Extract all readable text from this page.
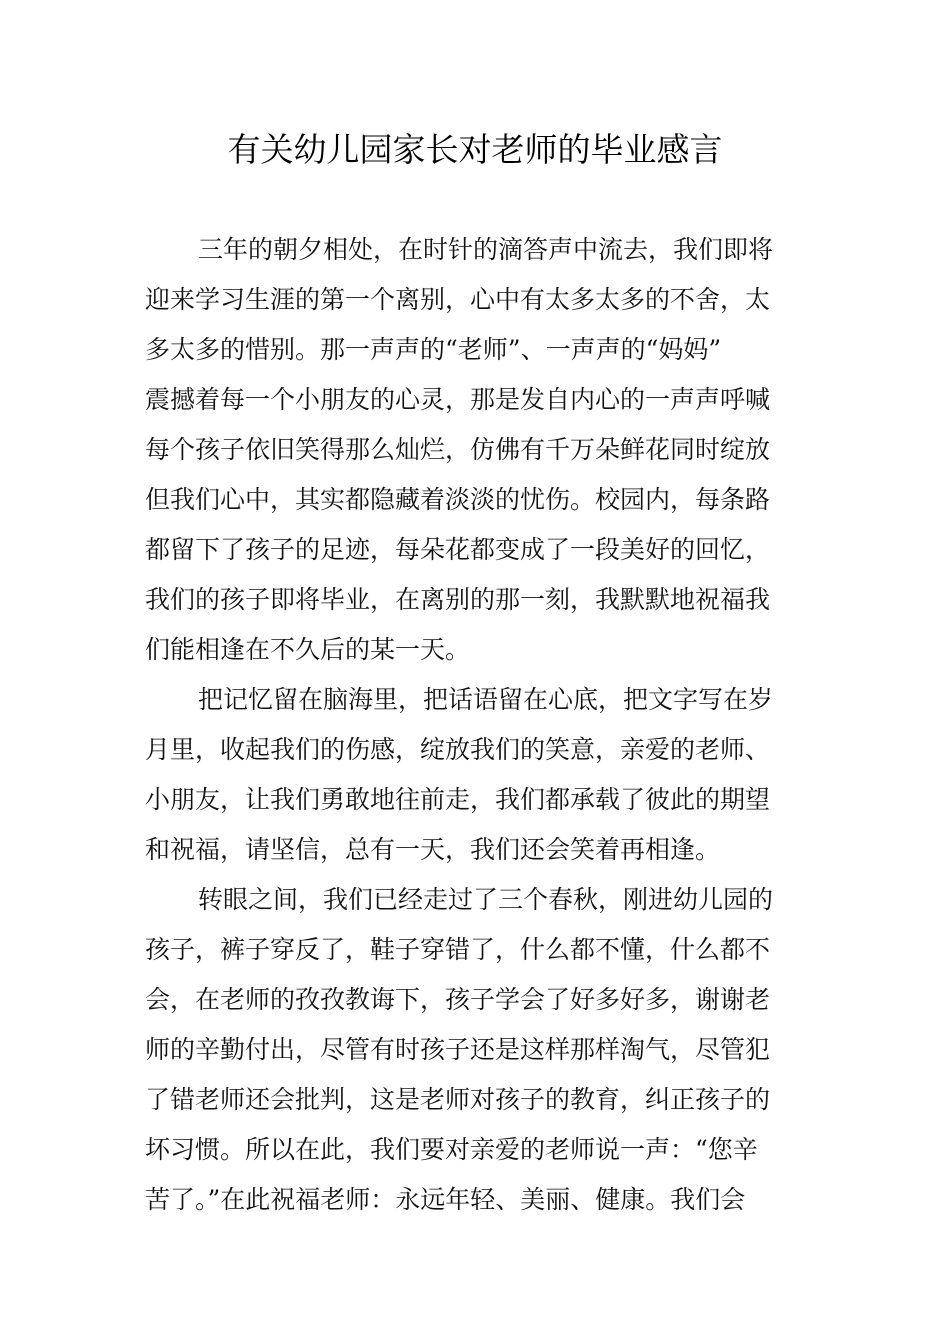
有关幼儿园家长对老师的毕业感言
三年的朝夕相处，在时针的滴答声中流去，我们即将
迎来学习生涯的第一个离别，心中有太多太多的不舍，太
多太多的惜别。那一声声的“老师”、一声声的“妈妈”
震撼着每一个小朋友的心灵，那是发自内心的一声声呼喊
每个孩子依旧笑得那么灿烂，仿佛有千万朵鲜花同时绽放
但我们心中，其实都隐藏着淡淡的忧伤。校园内，每条路
都留下了孩子的足迹，每朵花都变成了一段美好的回忆，
我们的孩子即将毕业，在离别的那一刻，我默默地祝福我
们能相逢在不久后的某一天。
把记忆留在脑海里，把话语留在心底，把文字写在岁
月里，收起我们的伤感，绽放我们的笑意，亲爱的老师、
小朋友，让我们勇敢地往前走，我们都承载了彼此的期望
和祝福，请坚信，总有一天，我们还会笑着再相逢。
转眼之间，我们已经走过了三个春秋，刚进幼儿园的
孩子，裤子穿反了，鞋子穿错了，什么都不懂，什么都不
会，在老师的孜孜教诲下，孩子学会了好多好多，谢谢老
师的辛勤付出，尽管有时孩子还是这样那样淘气，尽管犯
了错老师还会批判，这是老师对孩子的教育，纠正孩子的
坏习惯。所以在此，我们要对亲爱的老师说一声：“您辛
苦了。”在此祝福老师：永远年轻、美丽、健康。我们会
